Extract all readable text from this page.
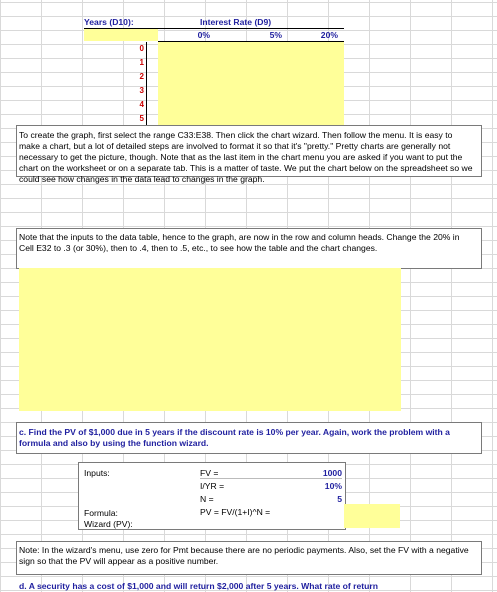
Years (D10):	Interest Rate (D9)
0%	5%	20%
0
1
2
3
4
5
To create the graph, first select the range C33:E38. Then click the chart wizard. Then follow the menu. It is easy to make a chart, but a lot of detailed steps are involved to format it so that it's "pretty." Pretty charts are generally not necessary to get the picture, though. Note that as the last item in the chart menu you are asked if you want to put the chart on the worksheet or on a separate tab. This is a matter of taste. We put the chart below on the spreadsheet so we could see how changes in the data lead to changes in the graph.
Note that the inputs to the data table, hence to the graph, are now in the row and column heads. Change the 20% in Cell E32 to .3 (or 30%), then to .4, then to .5, etc., to see how the table and the chart changes.
c. Find the PV of $1,000 due in 5 years if the discount rate is 10% per year. Again, work the problem with a formula and also by using the function wizard.
Inputs:	FV =	1000
I/YR =	10%
N =	5
PV = FV/(1+I)^N =
Formula:
Wizard (PV):
Note: In the wizard's menu, use zero for Pmt because there are no periodic payments. Also, set the FV with a negative sign so that the PV will appear as a positive number.
d. A security has a cost of $1,000 and will return $2,000 after 5 years. What rate of return
